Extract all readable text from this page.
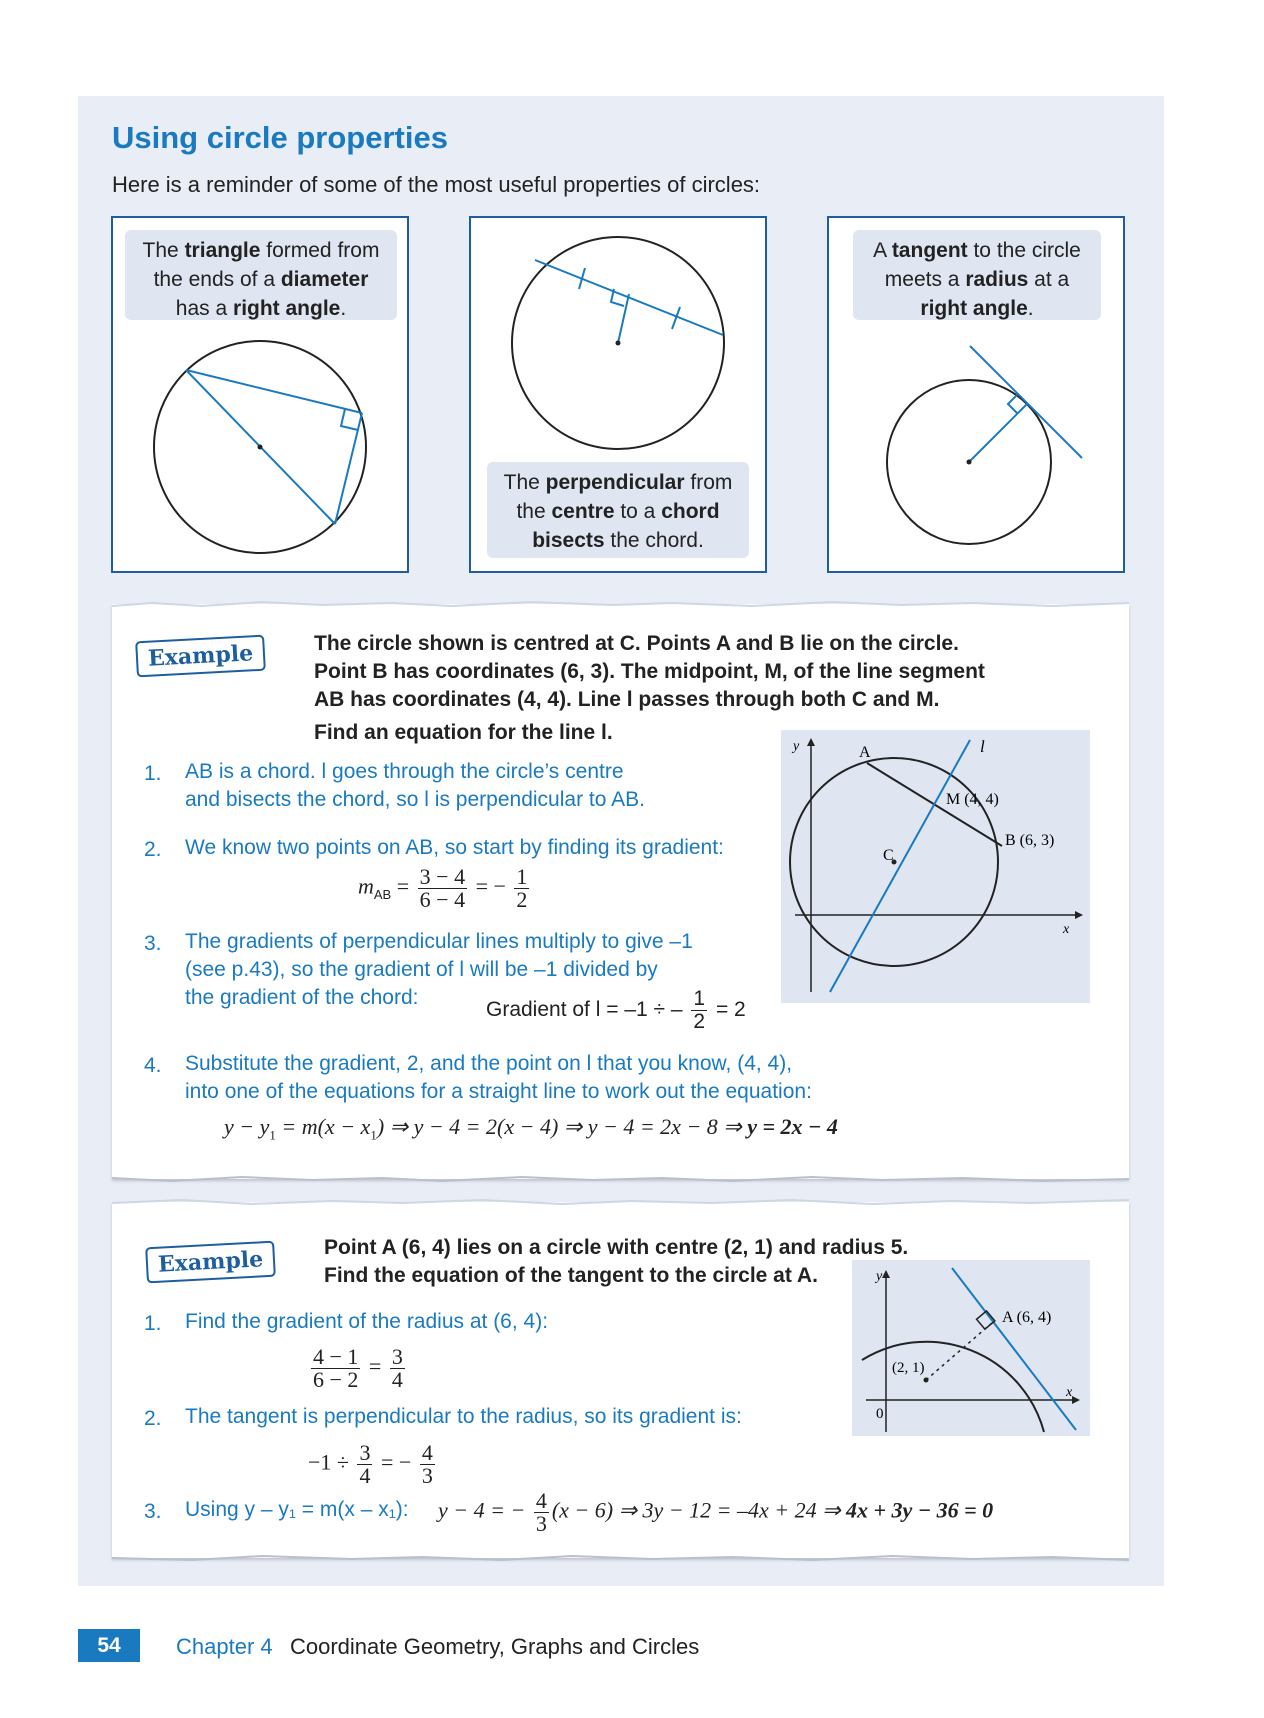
Using circle properties
Here is a reminder of some of the most useful properties of circles:
The triangle formed from
the ends of a diameter
has a right angle.
The perpendicular from
the centre to a chord
bisects the chord.
A tangent to the circle
meets a radius at a
right angle.
Example	The circle shown is centred at C. Points A and B lie on the circle.
Point B has coordinates (6, 3). The midpoint, M, of the line segment
AB has coordinates (4, 4). Line l passes through both C and M.
Find an equation for the line l.
1. AB is a chord. l goes through the circle’s centre
and bisects the chord, so l is perpendicular to AB.
2. We know two points on AB, so start by finding its gradient:
$m_{AB} = \frac{3 - 4}{6 - 4}$ = − $\frac{1}{2}$
3. The gradients of perpendicular lines multiply to give –1
(see p.43), so the gradient of l will be –1 divided by
the gradient of the chord:
Gradient of l = –1 ÷ – $\frac{1}{2} = 2$
4. Substitute the gradient, 2, and the point on l that you know, (4, 4),
into one of the equations for a straight line to work out the equation:
$y - y_1 = m(x - x_1)$ ⇒ y − 4 = 2(x − 4) ⇒ y − 4 = 2x − 8 ⇒ y = 2x − 4
y
x
A	l
M (4, 4)
B (6, 3)
C
Example	Point A (6, 4) lies on a circle with centre (2, 1) and radius 5.
Find the equation of the tangent to the circle at A.
1. Find the gradient of the radius at (6, 4):
$\frac{4 - 1}{6 - 2} = \frac{3}{4}$
2. The tangent is perpendicular to the radius, so its gradient is:
$-1 \div \frac{3}{4}$ = − $\frac{4}{3}$
3. Using y – y₁ = m(x – x₁): y − 4 = − $\frac{4}{3} (x - 6)$ ⇒ 3y − 12 = –4x + 24 ⇒ 4x + 3y − 36 = 0
y
x
A (6, 4)
(2, 1)
0
54	Chapter 4 Coordinate Geometry, Graphs and Circles
